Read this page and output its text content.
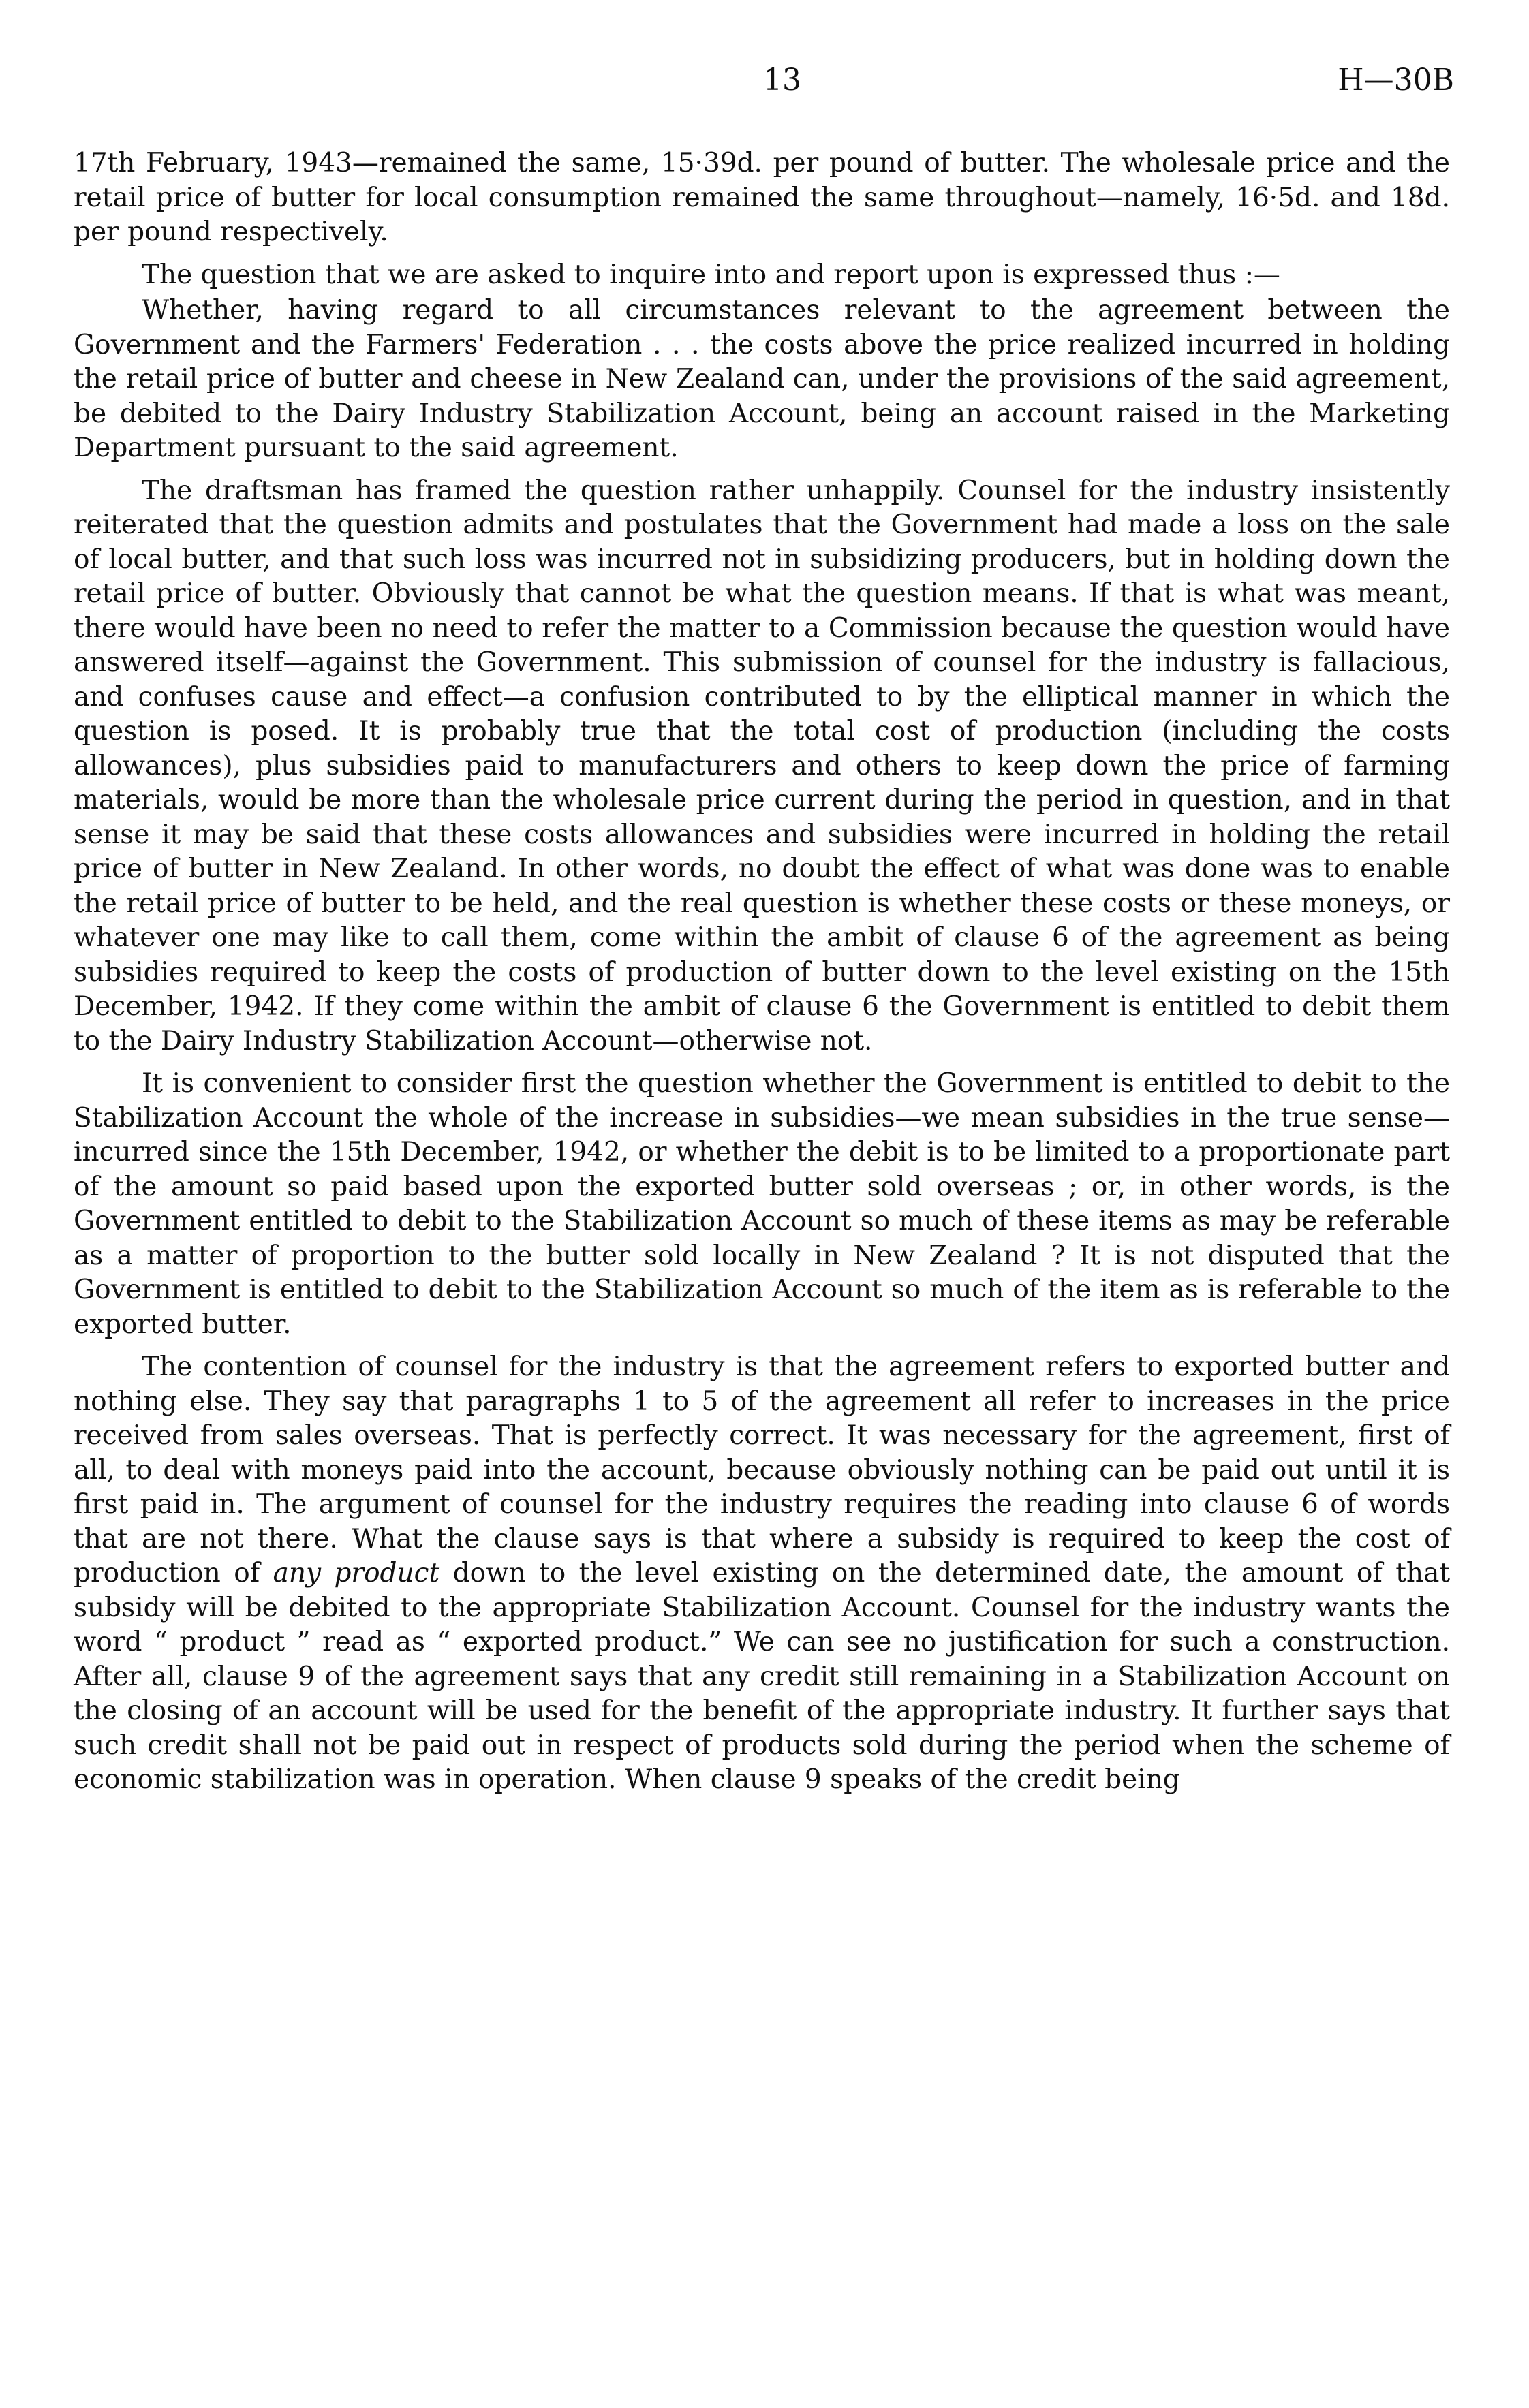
13	H—30B

17th February, 1943—remained the same, 15·39d. per pound of butter. The wholesale price and the retail price of butter for local consumption remained the same throughout—namely, 16·5d. and 18d. per pound respectively.

The question that we are asked to inquire into and report upon is expressed thus :—

Whether, having regard to all circumstances relevant to the agreement between the Government and the Farmers' Federation . . . the costs above the price realized incurred in holding the retail price of butter and cheese in New Zealand can, under the provisions of the said agreement, be debited to the Dairy Industry Stabilization Account, being an account raised in the Marketing Department pursuant to the said agreement.

The draftsman has framed the question rather unhappily. Counsel for the industry insistently reiterated that the question admits and postulates that the Government had made a loss on the sale of local butter, and that such loss was incurred not in subsidizing producers, but in holding down the retail price of butter. Obviously that cannot be what the question means. If that is what was meant, there would have been no need to refer the matter to a Commission because the question would have answered itself—against the Government. This submission of counsel for the industry is fallacious, and confuses cause and effect—a confusion contributed to by the elliptical manner in which the question is posed. It is probably true that the total cost of production (including the costs allowances), plus subsidies paid to manufacturers and others to keep down the price of farming materials, would be more than the wholesale price current during the period in question, and in that sense it may be said that these costs allowances and subsidies were incurred in holding the retail price of butter in New Zealand. In other words, no doubt the effect of what was done was to enable the retail price of butter to be held, and the real question is whether these costs or these moneys, or whatever one may like to call them, come within the ambit of clause 6 of the agreement as being subsidies required to keep the costs of production of butter down to the level existing on the 15th December, 1942. If they come within the ambit of clause 6 the Government is entitled to debit them to the Dairy Industry Stabilization Account—otherwise not.

It is convenient to consider first the question whether the Government is entitled to debit to the Stabilization Account the whole of the increase in subsidies—we mean subsidies in the true sense—incurred since the 15th December, 1942, or whether the debit is to be limited to a proportionate part of the amount so paid based upon the exported butter sold overseas ; or, in other words, is the Government entitled to debit to the Stabilization Account so much of these items as may be referable as a matter of proportion to the butter sold locally in New Zealand ? It is not disputed that the Government is entitled to debit to the Stabilization Account so much of the item as is referable to the exported butter.

The contention of counsel for the industry is that the agreement refers to exported butter and nothing else. They say that paragraphs 1 to 5 of the agreement all refer to increases in the price received from sales overseas. That is perfectly correct. It was necessary for the agreement, first of all, to deal with moneys paid into the account, because obviously nothing can be paid out until it is first paid in. The argument of counsel for the industry requires the reading into clause 6 of words that are not there. What the clause says is that where a subsidy is required to keep the cost of production of any product down to the level existing on the determined date, the amount of that subsidy will be debited to the appropriate Stabilization Account. Counsel for the industry wants the word “ product ” read as “ exported product.” We can see no justification for such a construction. After all, clause 9 of the agreement says that any credit still remaining in a Stabilization Account on the closing of an account will be used for the benefit of the appropriate industry. It further says that such credit shall not be paid out in respect of products sold during the period when the scheme of economic stabilization was in operation. When clause 9 speaks of the credit being
